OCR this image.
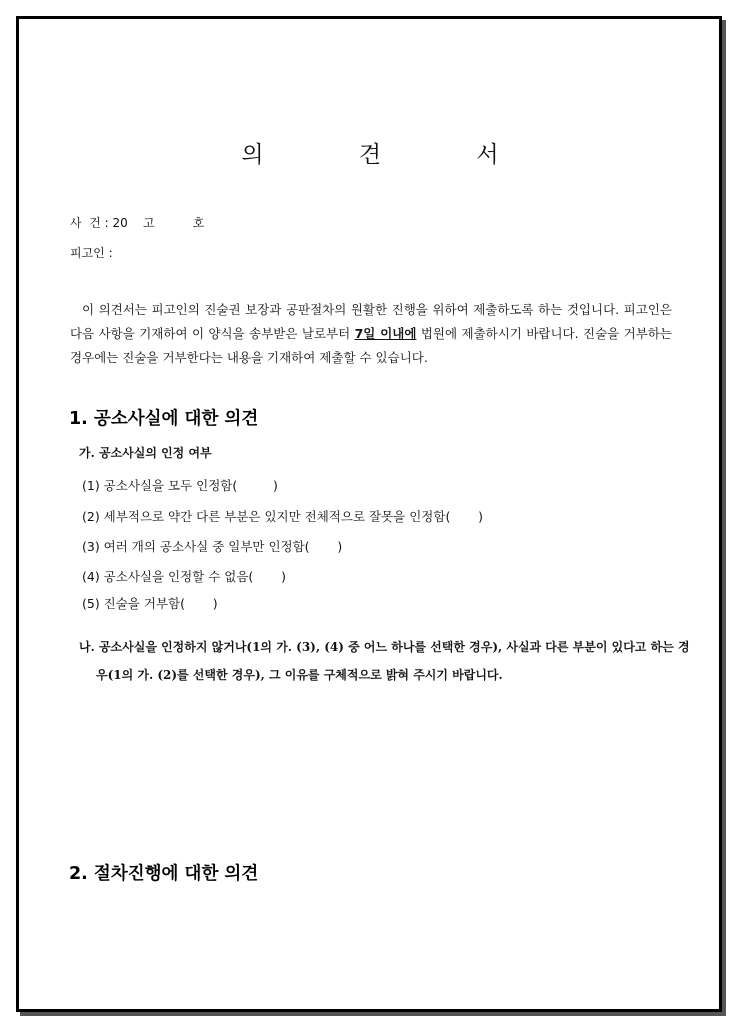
의 견 서
사  건 : 20    고          호
피고인 :
이 의견서는 피고인의 진술권 보장과 공판절차의 원활한 진행을 위하여 제출하도록 하는 것입니다. 피고인은 다음 사항을 기재하여 이 양식을 송부받은 날로부터 7일 이내에 법원에 제출하시기 바랍니다. 진술을 거부하는 경우에는 진술을 거부한다는 내용을 기재하여 제출할 수 있습니다.
1. 공소사실에 대한 의견
가. 공소사실의 인정 여부
(1) 공소사실을 모두 인정함(         )
(2) 세부적으로 약간 다른 부분은 있지만 전체적으로 잘못을 인정함(       )
(3) 여러 개의 공소사실 중 일부만 인정함(       )
(4) 공소사실을 인정할 수 없음(       )
(5) 진술을 거부함(       )
나. 공소사실을 인정하지 않거나(1의 가. (3), (4) 중 어느 하나를 선택한 경우), 사실과 다른 부분이 있다고 하는 경우(1의 가. (2)를 선택한 경우), 그 이유를 구체적으로 밝혀 주시기 바랍니다.
2. 절차진행에 대한 의견
